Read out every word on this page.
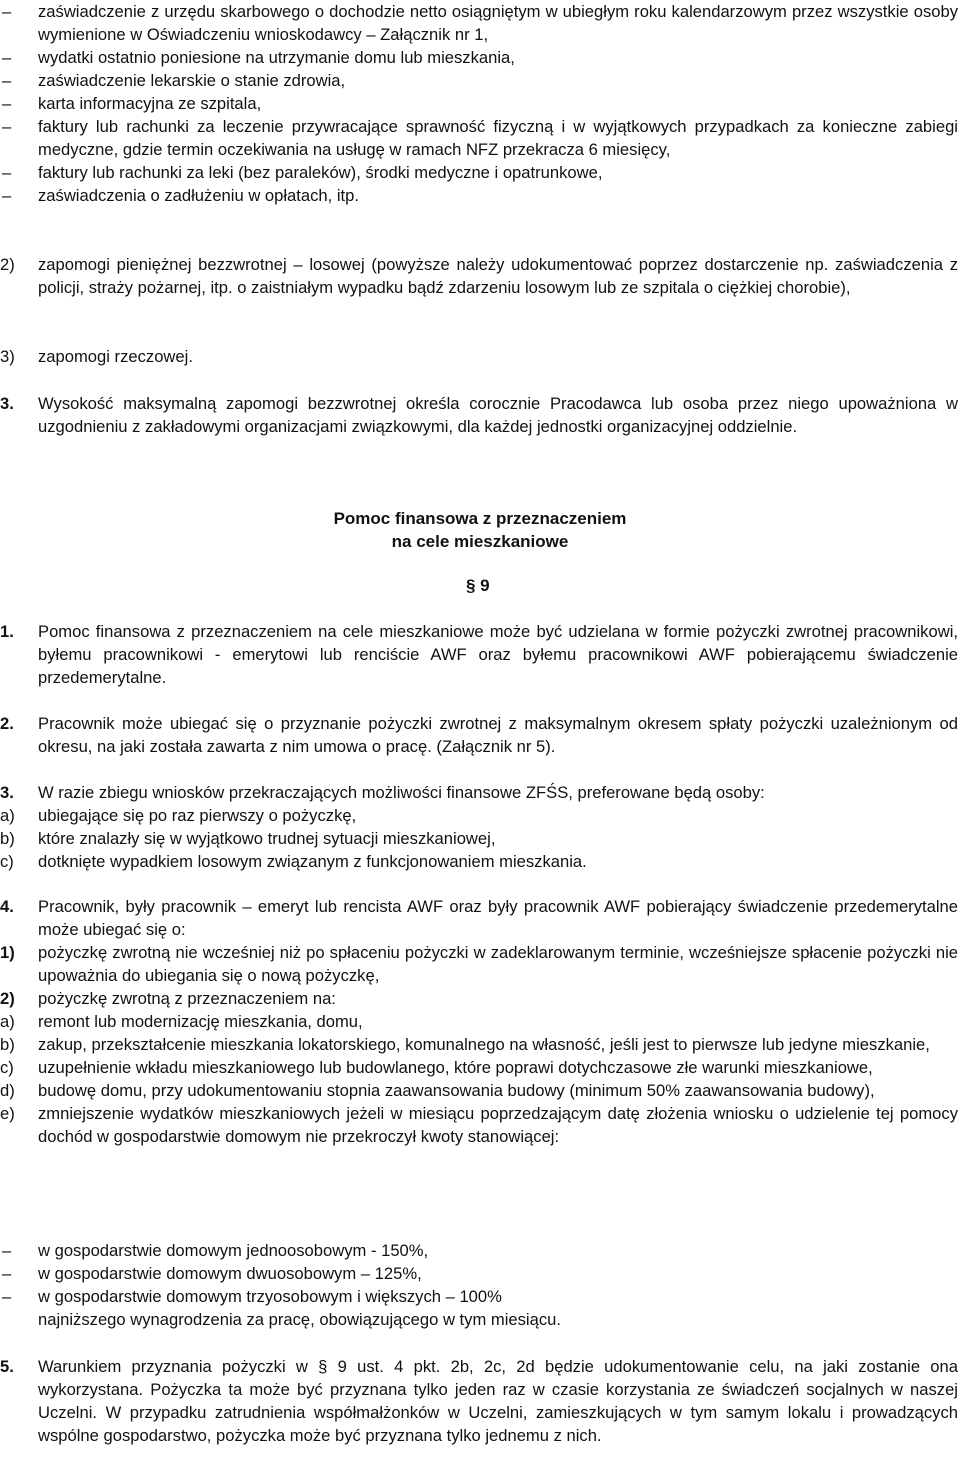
–	zaświadczenie z urzędu skarbowego o dochodzie netto osiągniętym w ubiegłym roku kalendarzowym przez wszystkie osoby wymienione w Oświadczeniu wnioskodawcy – Załącznik nr 1,
–	wydatki ostatnio poniesione na utrzymanie domu lub mieszkania,
–	zaświadczenie lekarskie o stanie zdrowia,
–	karta informacyjna ze szpitala,
–	faktury lub rachunki za leczenie przywracające sprawność fizyczną i w wyjątkowych przypadkach za konieczne zabiegi medyczne, gdzie termin oczekiwania na usługę w ramach NFZ przekracza 6 miesięcy,
–	faktury lub rachunki za leki (bez paraleków), środki medyczne i opatrunkowe,
–	zaświadczenia o zadłużeniu w opłatach, itp.
2)	zapomogi pieniężnej bezzwrotnej – losowej (powyższe należy udokumentować poprzez dostarczenie np. zaświadczenia z policji, straży pożarnej, itp. o zaistniałym wypadku bądź zdarzeniu losowym lub ze szpitala o ciężkiej chorobie),
3)	zapomogi rzeczowej.
3.	Wysokość maksymalną zapomogi bezzwrotnej określa corocznie Pracodawca lub osoba przez niego upoważniona w uzgodnieniu z zakładowymi organizacjami związkowymi, dla każdej jednostki organizacyjnej oddzielnie.
Pomoc finansowa z przeznaczeniem
na cele mieszkaniowe
§ 9
1.	Pomoc finansowa z przeznaczeniem na cele mieszkaniowe może być udzielana w formie pożyczki zwrotnej pracownikowi, byłemu pracownikowi - emerytowi lub renciście AWF oraz byłemu pracownikowi AWF pobierającemu świadczenie przedemerytalne.
2.	Pracownik może ubiegać się o przyznanie pożyczki zwrotnej z maksymalnym okresem spłaty pożyczki uzależnionym od okresu, na jaki została zawarta z nim umowa o pracę. (Załącznik nr 5).
3.	W razie zbiegu wniosków przekraczających możliwości finansowe ZFŚS, preferowane będą osoby:
a)	ubiegające się po raz pierwszy o pożyczkę,
b)	które znalazły się w wyjątkowo trudnej sytuacji mieszkaniowej,
c)	dotknięte wypadkiem losowym związanym z funkcjonowaniem mieszkania.
4.	Pracownik, były pracownik – emeryt lub rencista AWF oraz były pracownik AWF pobierający świadczenie przedemerytalne może ubiegać się o:
1)	pożyczkę zwrotną nie wcześniej niż po spłaceniu pożyczki w zadeklarowanym terminie, wcześniejsze spłacenie pożyczki nie upoważnia do ubiegania się o nową pożyczkę,
2)	pożyczkę zwrotną z przeznaczeniem na:
a)	remont lub modernizację mieszkania, domu,
b)	zakup, przekształcenie mieszkania lokatorskiego, komunalnego na własność, jeśli jest to pierwsze lub jedyne mieszkanie,
c)	uzupełnienie wkładu mieszkaniowego lub budowlanego, które poprawi dotychczasowe złe warunki mieszkaniowe,
d)	budowę domu, przy udokumentowaniu stopnia zaawansowania budowy (minimum 50% zaawansowania budowy),
e)	zmniejszenie wydatków mieszkaniowych jeżeli w miesiącu poprzedzającym datę złożenia wniosku o udzielenie tej pomocy dochód w gospodarstwie domowym nie przekroczył kwoty stanowiącej:
–	w gospodarstwie domowym jednoosobowym - 150%,
–	w gospodarstwie domowym dwuosobowym – 125%,
–	w gospodarstwie domowym trzyosobowym i większych – 100%
najniższego wynagrodzenia za pracę, obowiązującego w tym miesiącu.
5.	Warunkiem przyznania pożyczki w § 9 ust. 4 pkt. 2b, 2c, 2d będzie udokumentowanie celu, na jaki zostanie ona wykorzystana. Pożyczka ta może być przyznana tylko jeden raz w czasie korzystania ze świadczeń socjalnych w naszej Uczelni. W przypadku zatrudnienia współmałżonków w Uczelni, zamieszkujących w tym samym lokalu i prowadzących wspólne gospodarstwo, pożyczka może być przyznana tylko jednemu z nich.
